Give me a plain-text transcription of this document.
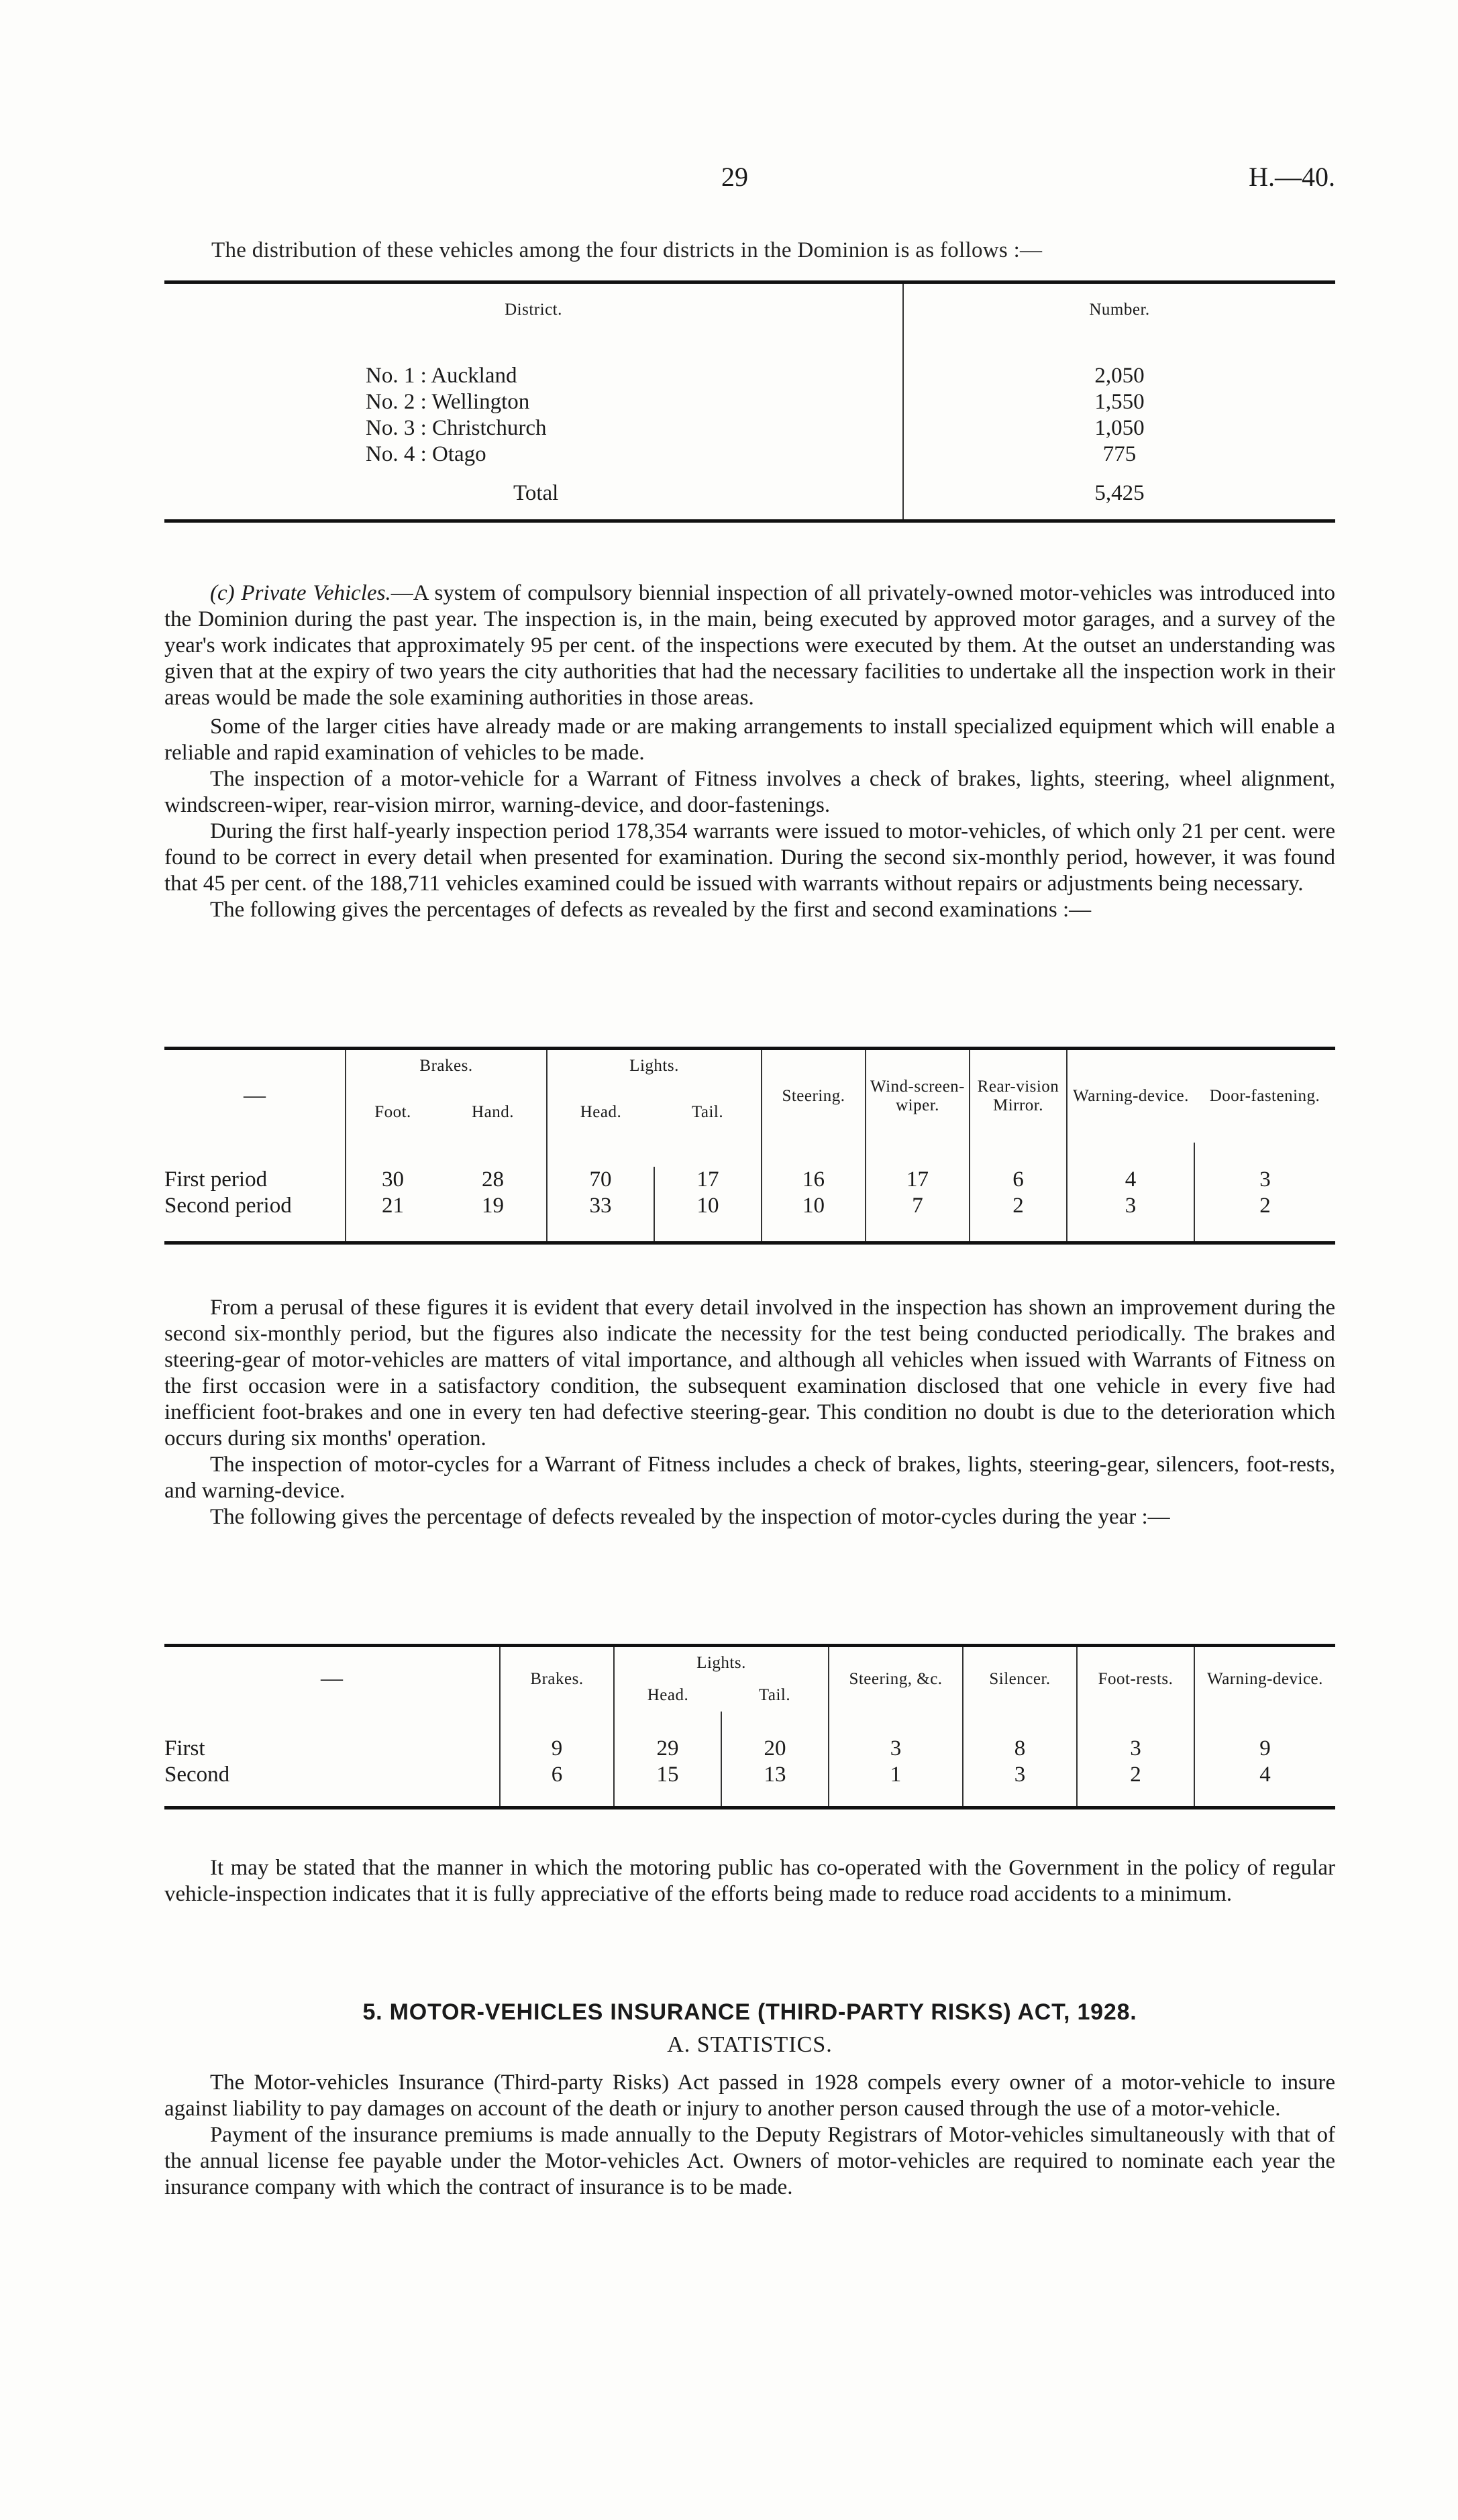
29	H.—40.
The distribution of these vehicles among the four districts in the Dominion is as follows :—
District.	Number.

No. 1 : Auckland	2,050
No. 2 : Wellington	1,550
No. 3 : Christchurch	1,050
No. 4 : Otago	775
Total	5,425

(c) Private Vehicles.—A system of compulsory biennial inspection of all privately-owned motor-vehicles was introduced into the Dominion during the past year. The inspection is, in the main, being executed by approved motor garages, and a survey of the year's work indicates that approximately 95 per cent. of the inspections were executed by them. At the outset an understanding was given that at the expiry of two years the city authorities that had the necessary facilities to undertake all the inspection work in their areas would be made the sole examining authorities in those areas.

Some of the larger cities have already made or are making arrangements to install specialized equipment which will enable a reliable and rapid examination of vehicles to be made.

The inspection of a motor-vehicle for a Warrant of Fitness involves a check of brakes, lights, steering, wheel alignment, windscreen-wiper, rear-vision mirror, warning-device, and door-fastenings.

During the first half-yearly inspection period 178,354 warrants were issued to motor-vehicles, of which only 21 per cent. were found to be correct in every detail when presented for examination. During the second six-monthly period, however, it was found that 45 per cent. of the 188,711 vehicles examined could be issued with warrants without repairs or adjustments being necessary.

The following gives the percentages of defects as revealed by the first and second examinations :—

—	Brakes.		Lights.		Steering.	Wind-screen-wiper.	Rear-vision Mirror.	Warning-device.	Door-fastening.
	Foot.	Hand.	Head.	Tail.					

First period	30	28	70	17	16	17	6	4	3
Second period	21	19	33	10	10	7	2	3	2

From a perusal of these figures it is evident that every detail involved in the inspection has shown an improvement during the second six-monthly period, but the figures also indicate the necessity for the test being conducted periodically. The brakes and steering-gear of motor-vehicles are matters of vital importance, and although all vehicles when issued with Warrants of Fitness on the first occasion were in a satisfactory condition, the subsequent examination disclosed that one vehicle in every five had inefficient foot-brakes and one in every ten had defective steering-gear. This condition no doubt is due to the deterioration which occurs during six months' operation.

The inspection of motor-cycles for a Warrant of Fitness includes a check of brakes, lights, steering-gear, silencers, foot-rests, and warning-device.

The following gives the percentage of defects revealed by the inspection of motor-cycles during the year :—

—	Brakes.	Lights.		Steering, &c.	Silencer.	Foot-rests.	Warning-device.
		Head.	Tail.				

First	9	29	20	3	8	3	9
Second	6	15	13	1	3	2	4

It may be stated that the manner in which the motoring public has co-operated with the Government in the policy of regular vehicle-inspection indicates that it is fully appreciative of the efforts being made to reduce road accidents to a minimum.

5. MOTOR-VEHICLES INSURANCE (THIRD-PARTY RISKS) ACT, 1928.
A. STATISTICS.

The Motor-vehicles Insurance (Third-party Risks) Act passed in 1928 compels every owner of a motor-vehicle to insure against liability to pay damages on account of the death or injury to another person caused through the use of a motor-vehicle.

Payment of the insurance premiums is made annually to the Deputy Registrars of Motor-vehicles simultaneously with that of the annual license fee payable under the Motor-vehicles Act. Owners of motor-vehicles are required to nominate each year the insurance company with which the contract of insurance is to be made.
